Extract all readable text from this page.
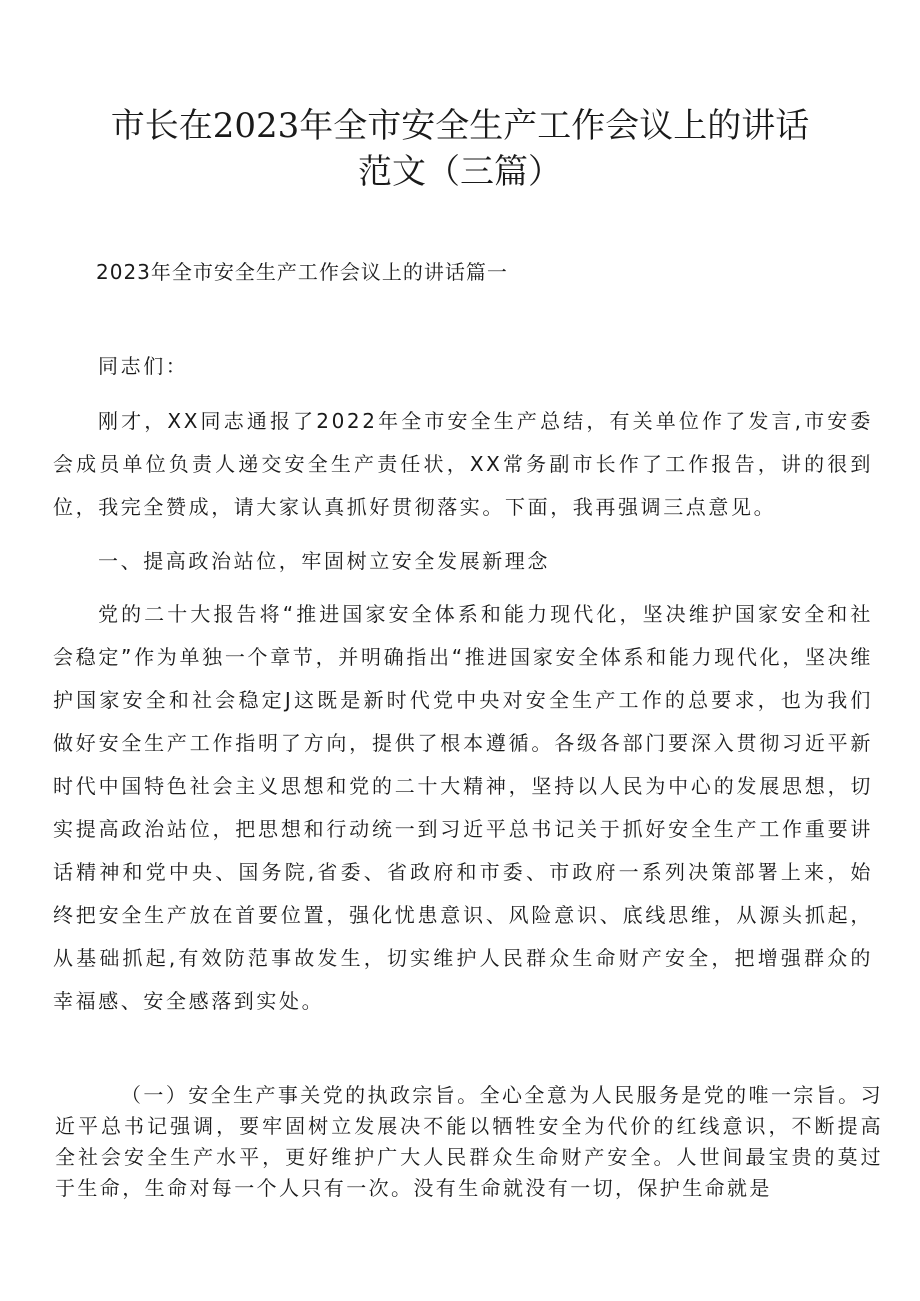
市长在2023年全市安全生产工作会议上的讲话
范文（三篇）
2023年全市安全生产工作会议上的讲话篇一

同志们：

刚才，XX同志通报了2022年全市安全生产总结，有关单位作了发言,市安委会成员单位负责人递交安全生产责任状，XX常务副市长作了工作报告，讲的很到位，我完全赞成，请大家认真抓好贯彻落实。下面，我再强调三点意见。

一、提高政治站位，牢固树立安全发展新理念

党的二十大报告将“推进国家安全体系和能力现代化，坚决维护国家安全和社会稳定”作为单独一个章节，并明确指出“推进国家安全体系和能力现代化，坚决维护国家安全和社会稳定J这既是新时代党中央对安全生产工作的总要求，也为我们做好安全生产工作指明了方向，提供了根本遵循。各级各部门要深入贯彻习近平新时代中国特色社会主义思想和党的二十大精神，坚持以人民为中心的发展思想，切实提高政治站位，把思想和行动统一到习近平总书记关于抓好安全生产工作重要讲话精神和党中央、国务院,省委、省政府和市委、市政府一系列决策部署上来，始终把安全生产放在首要位置，强化忧患意识、风险意识、底线思维，从源头抓起，从基础抓起,有效防范事故发生，切实维护人民群众生命财产安全，把增强群众的幸福感、安全感落到实处。

（一）安全生产事关党的执政宗旨。全心全意为人民服务是党的唯一宗旨。习近平总书记强调，要牢固树立发展决不能以牺牲安全为代价的红线意识，不断提高全社会安全生产水平，更好维护广大人民群众生命财产安全。人世间最宝贵的莫过于生命，生命对每一个人只有一次。没有生命就没有一切，保护生命就是
